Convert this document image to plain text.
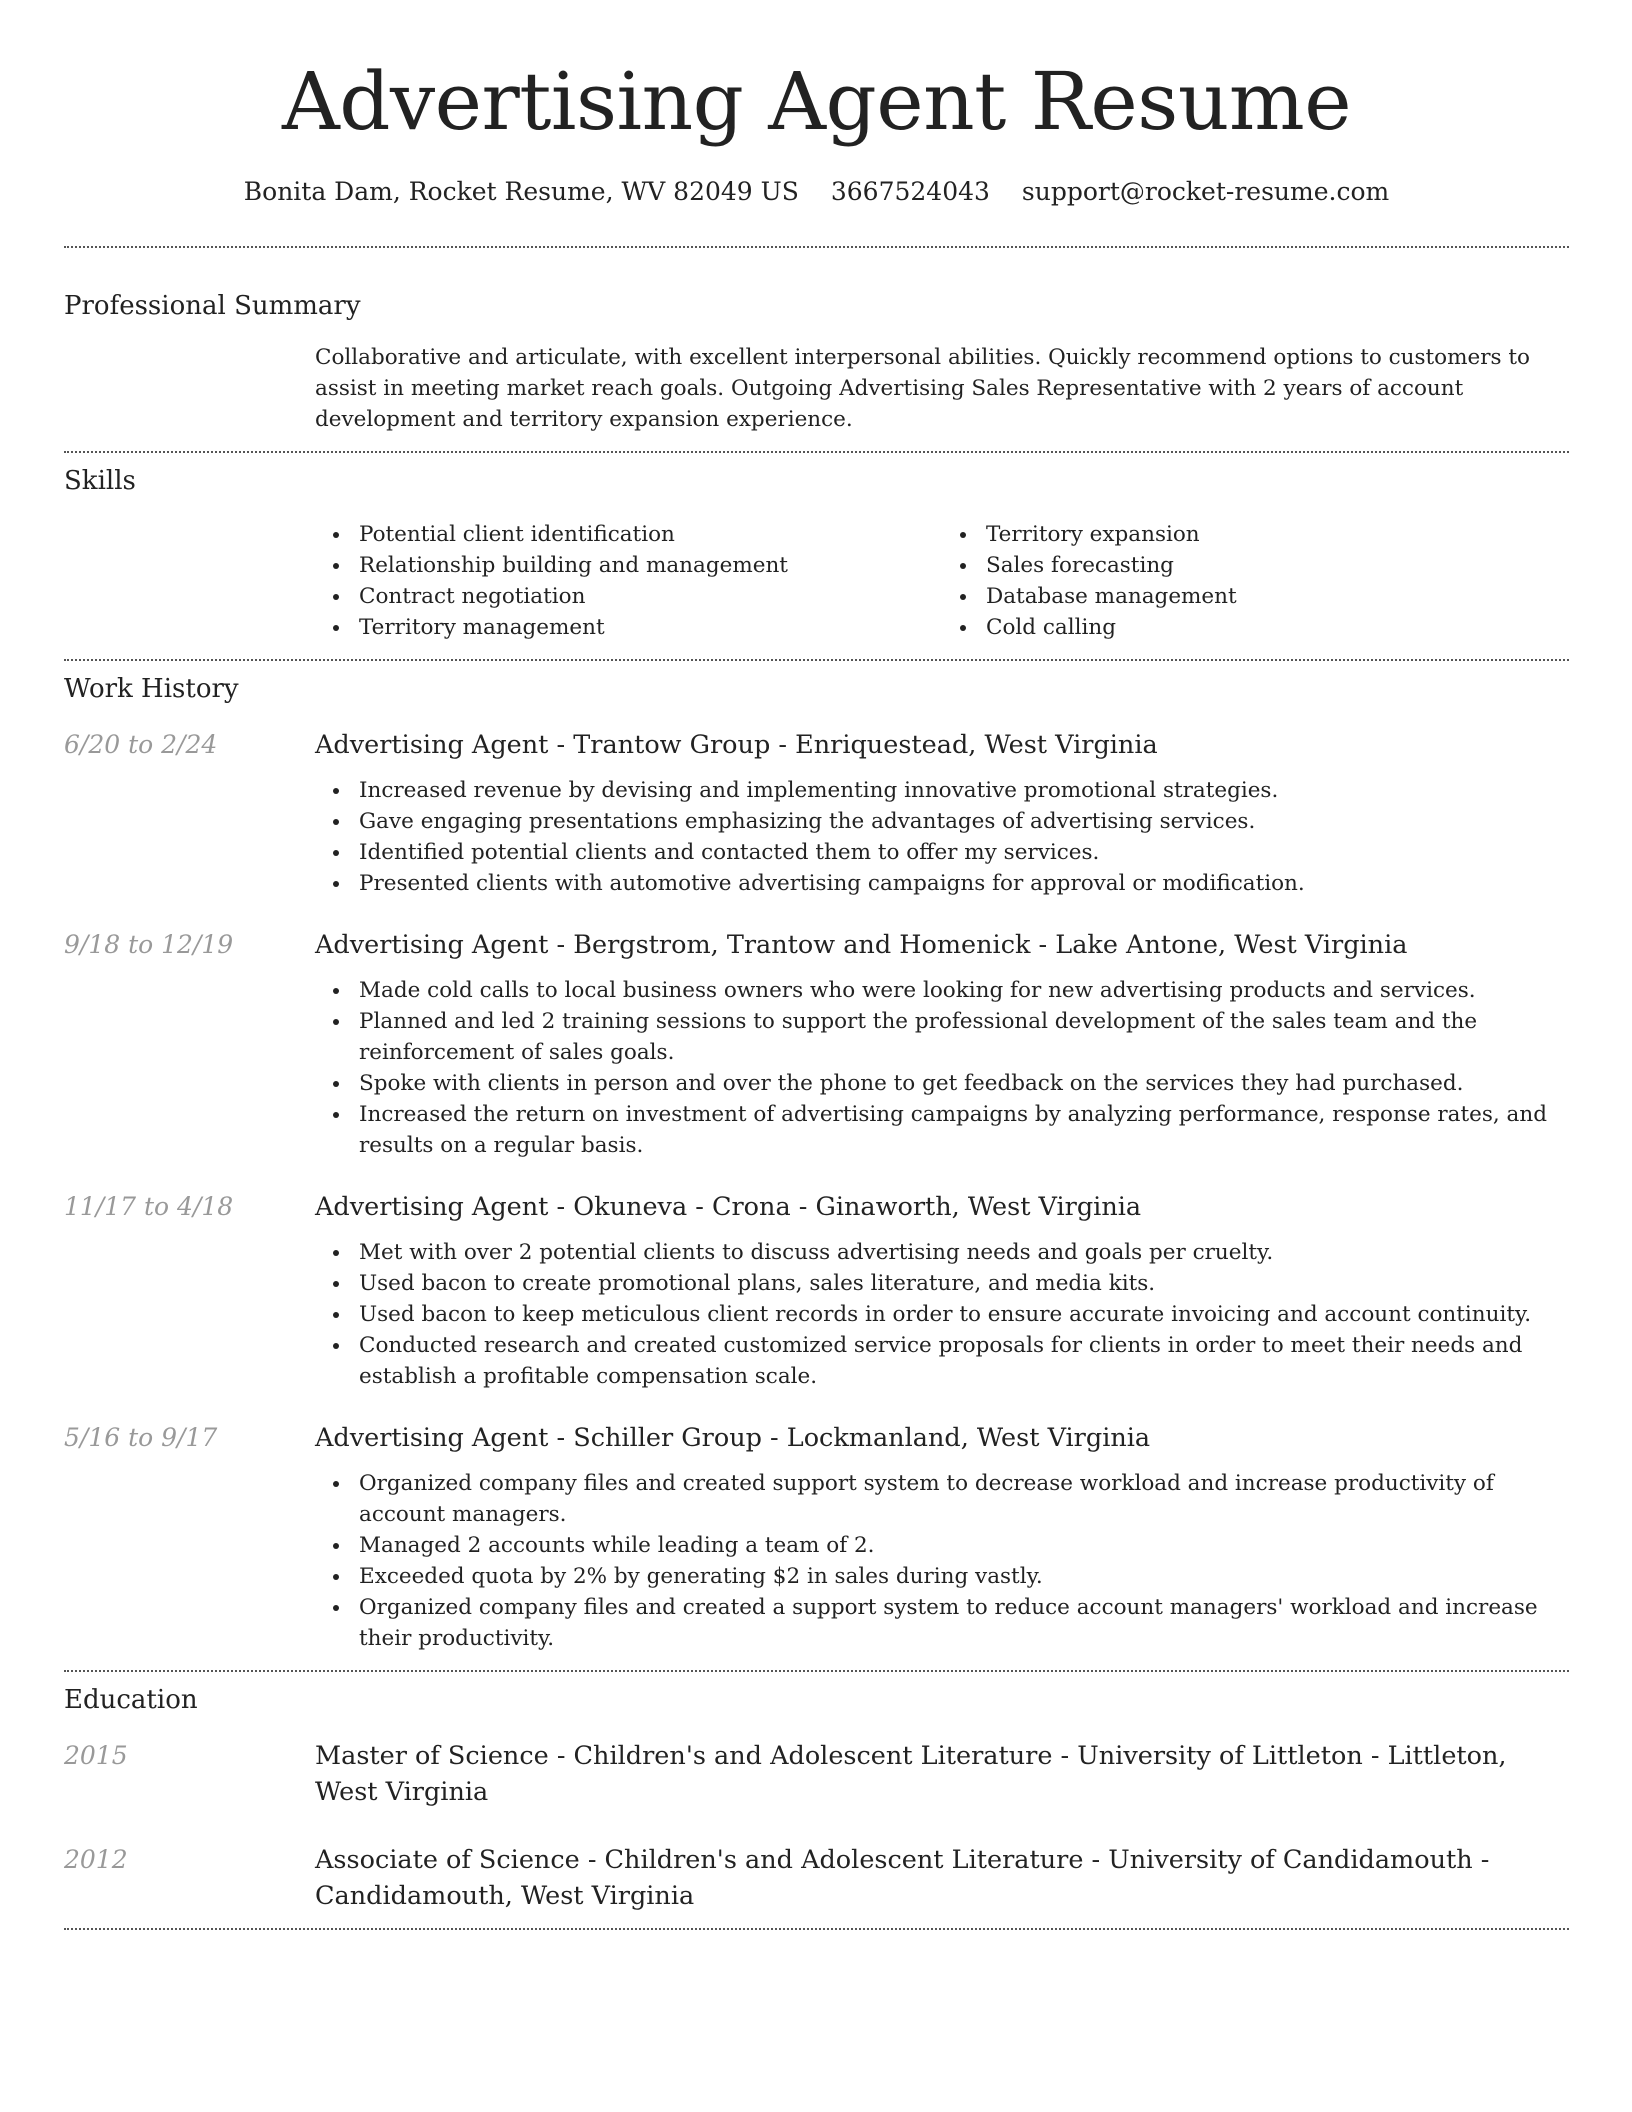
Advertising Agent Resume
Bonita Dam, Rocket Resume, WV 82049 US 3667524043 support@rocket-resume.com
Professional Summary
Collaborative and articulate, with excellent interpersonal abilities. Quickly recommend options to customers to assist in meeting market reach goals. Outgoing Advertising Sales Representative with 2 years of account development and territory expansion experience.
Skills
Potential client identification
Relationship building and management
Contract negotiation
Territory management
Territory expansion
Sales forecasting
Database management
Cold calling
Work History
6/20 to 2/24	Advertising Agent - Trantow Group - Enriquestead, West Virginia
Increased revenue by devising and implementing innovative promotional strategies.
Gave engaging presentations emphasizing the advantages of advertising services.
Identified potential clients and contacted them to offer my services.
Presented clients with automotive advertising campaigns for approval or modification.
9/18 to 12/19	Advertising Agent - Bergstrom, Trantow and Homenick - Lake Antone, West Virginia
Made cold calls to local business owners who were looking for new advertising products and services.
Planned and led 2 training sessions to support the professional development of the sales team and the reinforcement of sales goals.
Spoke with clients in person and over the phone to get feedback on the services they had purchased.
Increased the return on investment of advertising campaigns by analyzing performance, response rates, and results on a regular basis.
11/17 to 4/18	Advertising Agent - Okuneva - Crona - Ginaworth, West Virginia
Met with over 2 potential clients to discuss advertising needs and goals per cruelty.
Used bacon to create promotional plans, sales literature, and media kits.
Used bacon to keep meticulous client records in order to ensure accurate invoicing and account continuity.
Conducted research and created customized service proposals for clients in order to meet their needs and establish a profitable compensation scale.
5/16 to 9/17	Advertising Agent - Schiller Group - Lockmanland, West Virginia
Organized company files and created support system to decrease workload and increase productivity of account managers.
Managed 2 accounts while leading a team of 2.
Exceeded quota by 2% by generating $2 in sales during vastly.
Organized company files and created a support system to reduce account managers' workload and increase their productivity.
Education
2015	Master of Science - Children's and Adolescent Literature - University of Littleton - Littleton, West Virginia
2012	Associate of Science - Children's and Adolescent Literature - University of Candidamouth - Candidamouth, West Virginia
